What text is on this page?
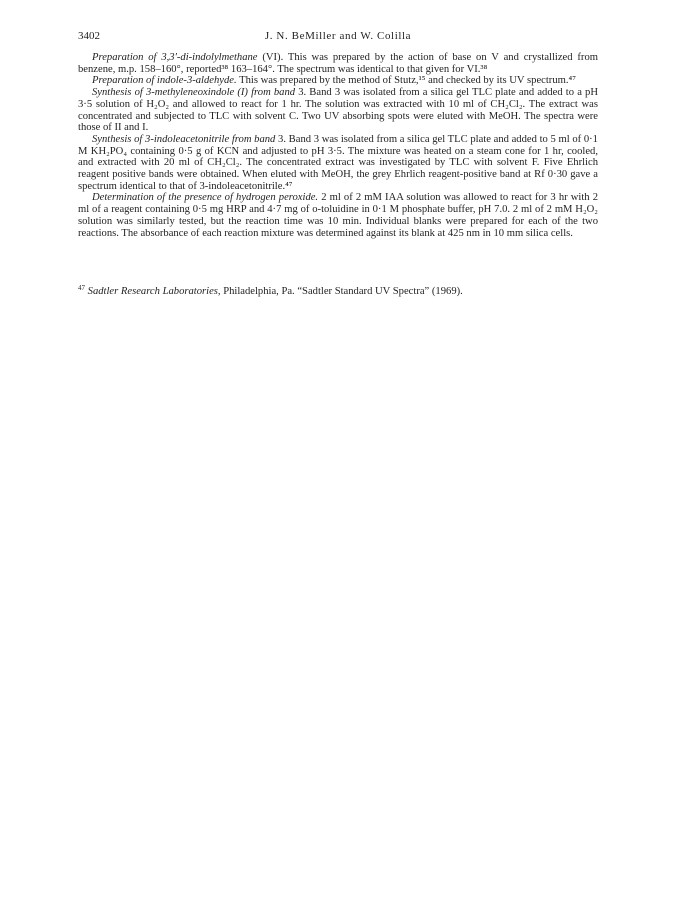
3402	J. N. BeMiller and W. Colilla

Preparation of 3,3′-di-indolylmethane (VI). This was prepared by the action of base on V and crystallized from benzene, m.p. 158–160°, reported³⁸ 163–164°. The spectrum was identical to that given for VI.³⁸

Preparation of indole-3-aldehyde. This was prepared by the method of Stutz,¹⁵ and checked by its UV spectrum.⁴⁷

Synthesis of 3-methyleneoxindole (I) from band 3. Band 3 was isolated from a silica gel TLC plate and added to a pH 3·5 solution of H₂O₂ and allowed to react for 1 hr. The solution was extracted with 10 ml of CH₂Cl₂. The extract was concentrated and subjected to TLC with solvent C. Two UV absorbing spots were eluted with MeOH. The spectra were those of II and I.

Synthesis of 3-indoleacetonitrile from band 3. Band 3 was isolated from a silica gel TLC plate and added to 5 ml of 0·1 M KH₂PO₄ containing 0·5 g of KCN and adjusted to pH 3·5. The mixture was heated on a steam cone for 1 hr, cooled, and extracted with 20 ml of CH₂Cl₂. The concentrated extract was investigated by TLC with solvent F. Five Ehrlich reagent positive bands were obtained. When eluted with MeOH, the grey Ehrlich reagent-positive band at Rf 0·30 gave a spectrum identical to that of 3-indoleacetonitrile.⁴⁷

Determination of the presence of hydrogen peroxide. 2 ml of 2 mM IAA solution was allowed to react for 3 hr with 2 ml of a reagent containing 0·5 mg HRP and 4·7 mg of o-toluidine in 0·1 M phosphate buffer, pH 7.0. 2 ml of 2 mM H₂O₂ solution was similarly tested, but the reaction time was 10 min. Individual blanks were prepared for each of the two reactions. The absorbance of each reaction mixture was determined against its blank at 425 nm in 10 mm silica cells.

$^{47}$ Sadtler Research Laboratories, Philadelphia, Pa. “Sadtler Standard UV Spectra” (1969).
